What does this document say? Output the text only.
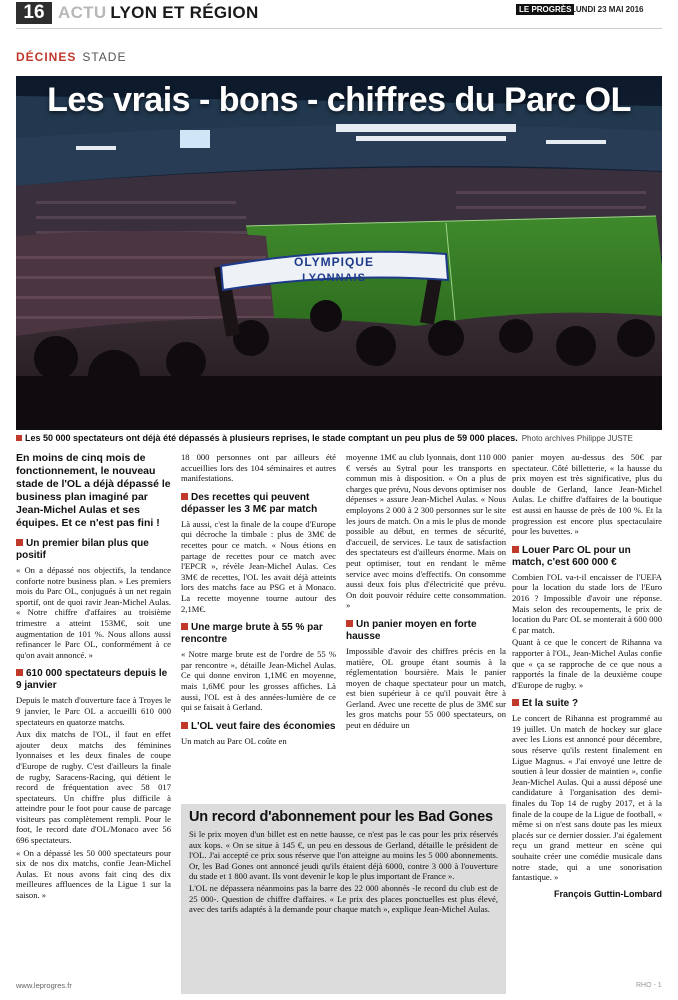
16 ACTU LYON ET RÉGION	LE PROGRÈS LUNDI 23 MAI 2016
DÉCINES STADE
OLYMPIQUE
LYONNAIS
Les vrais - bons - chiffres du Parc OL
Les 50 000 spectateurs ont déjà été dépassés à plusieurs reprises, le stade comptant un peu plus de 59 000 places. Photo archives Philippe JUSTE

En moins de cinq mois de fonctionnement, le nouveau stade de l'OL a déjà dépassé le business plan imaginé par Jean-Michel Aulas et ses équipes. Et ce n'est pas fini !

Un premier bilan plus que positif

« On a dépassé nos objectifs, la tendance conforte notre business plan. » Les premiers mois du Parc OL, conjugués à un net regain sportif, ont de quoi ravir Jean-Michel Aulas. « Notre chiffre d'affaires au troisième trimestre a atteint 153M€, soit une augmentation de 101 %. Nous allons aussi refinancer le Parc OL, conformément à ce qu'on avait annoncé. »

610 000 spectateurs depuis le 9 janvier

Depuis le match d'ouverture face à Troyes le 9 janvier, le Parc OL a accueilli 610 000 spectateurs en quatorze matchs.

Aux dix matchs de l'OL, il faut en effet ajouter deux matchs des féminines lyonnaises et les deux finales de coupe d'Europe de rugby. C'est d'ailleurs la finale de rugby, Saracens-Racing, qui détient le record de fréquentation avec 58 017 spectateurs. Un chiffre plus difficile à atteindre pour le foot pour cause de parcage visiteurs pas complètement rempli. Pour le foot, le record date d'OL/Monaco avec 56 696 spectateurs.

« On a dépassé les 50 000 spectateurs pour six de nos dix matchs, confie Jean-Michel Aulas. Et nous avons fait cinq des dix meilleures affluences de la Ligue 1 sur la saison. »

18 000 personnes ont par ailleurs été accueillies lors des 104 séminaires et autres manifestations.

Des recettes qui peuvent dépasser les 3 M€ par match

Là aussi, c'est la finale de la coupe d'Europe qui décroche la timbale : plus de 3M€ de recettes pour ce match. « Nous étions en partage de recettes pour ce match avec l'EPCR », révèle Jean-Michel Aulas. Ces 3M€ de recettes, l'OL les avait déjà atteints lors des matchs face au PSG et à Monaco. La recette moyenne tourne autour des 2,1M€.

Une marge brute à 55 % par rencontre

« Notre marge brute est de l'ordre de 55 % par rencontre », détaille Jean-Michel Aulas. Ce qui donne environ 1,1M€ en moyenne, mais 1,6M€ pour les grosses affiches. Là aussi, l'OL est à des années-lumière de ce qui se faisait à Gerland.

L'OL veut faire des économies

Un match au Parc OL coûte en

moyenne 1M€ au club lyonnais, dont 110 000 € versés au Sytral pour les transports en commun mis à disposition. « On a plus de charges que prévu, Nous devons optimiser nos dépenses » assure Jean-Michel Aulas. « Nous employons 2 000 à 2 300 personnes sur le site les jours de match. On a mis le plus de monde possible au début, en termes de sécurité, d'accueil, de services. Le taux de satisfaction des spectateurs est d'ailleurs énorme. Mais on peut optimiser, tout en rendant le même service avec moins d'effectifs. On consomme aussi deux fois plus d'électricité que prévu. On doit pouvoir réduire cette consommation. »

Un panier moyen en forte hausse

Impossible d'avoir des chiffres précis en la matière, OL groupe étant soumis à la réglementation boursière. Mais le panier moyen de chaque spectateur pour un match, est bien supérieur à ce qu'il pouvait être à Gerland. Avec une recette de plus de 3M€ sur les gros matchs pour 55 000 spectateurs, on peut en déduire un

panier moyen au-dessus des 50€ par spectateur. Côté billetterie, « la hausse du prix moyen est très significative, plus du double de Gerland, lance Jean-Michel Aulas. Le chiffre d'affaires de la boutique est aussi en hausse de près de 100 %. Et la progression est encore plus spectaculaire pour les buvettes. »

Louer Parc OL pour un match, c'est 600 000 €

Combien l'OL va-t-il encaisser de l'UEFA pour la location du stade lors de l'Euro 2016 ? Impossible d'avoir une réponse. Mais selon des recoupements, le prix de location du Parc OL se monterait à 600 000 € par match.

Quant à ce que le concert de Rihanna va rapporter à l'OL, Jean-Michel Aulas confie que « ça se rapproche de ce que nous a rapportés la finale de la deuxième coupe d'Europe de rugby. »

Et la suite ?

Le concert de Rihanna est programmé au 19 juillet. Un match de hockey sur glace avec les Lions est annoncé pour décembre, sous réserve qu'ils restent finalement en Ligue Magnus. « J'ai envoyé une lettre de soutien à leur dossier de maintien », confie Jean-Michel Aulas. Qui a aussi déposé une candidature à l'organisation des demi-finales du Top 14 de rugby 2017, et à la finale de la coupe de la Ligue de football, « même si on n'est sans doute pas les mieux placés sur ce dernier dossier. J'ai également reçu un grand metteur en scène qui souhaite créer une comédie musicale dans notre stade, qui a une sonorisation fantastique. »

François Guttin-Lombard
Un record d'abonnement pour les Bad Gones

Si le prix moyen d'un billet est en nette hausse, ce n'est pas le cas pour les prix réservés aux kops. « On se situe à 145 €, un peu en dessous de Gerland, détaille le président de l'OL. J'ai accepté ce prix sous réserve que l'on atteigne au moins les 5 000 abonnements. Or, les Bad Gones ont annoncé jeudi qu'ils étaient déjà 6000, contre 3 000 à l'ouverture du stade et 1 800 avant. Ils vont devenir le kop le plus important de France ».

L'OL ne dépassera néanmoins pas la barre des 22 000 abonnés -le record du club est de 25 000-. Question de chiffre d'affaires. « Le prix des places ponctuelles est plus élevé, avec des tarifs adaptés à la demande pour chaque match », explique Jean-Michel Aulas.

www.leprogres.fr	RHO - 1
